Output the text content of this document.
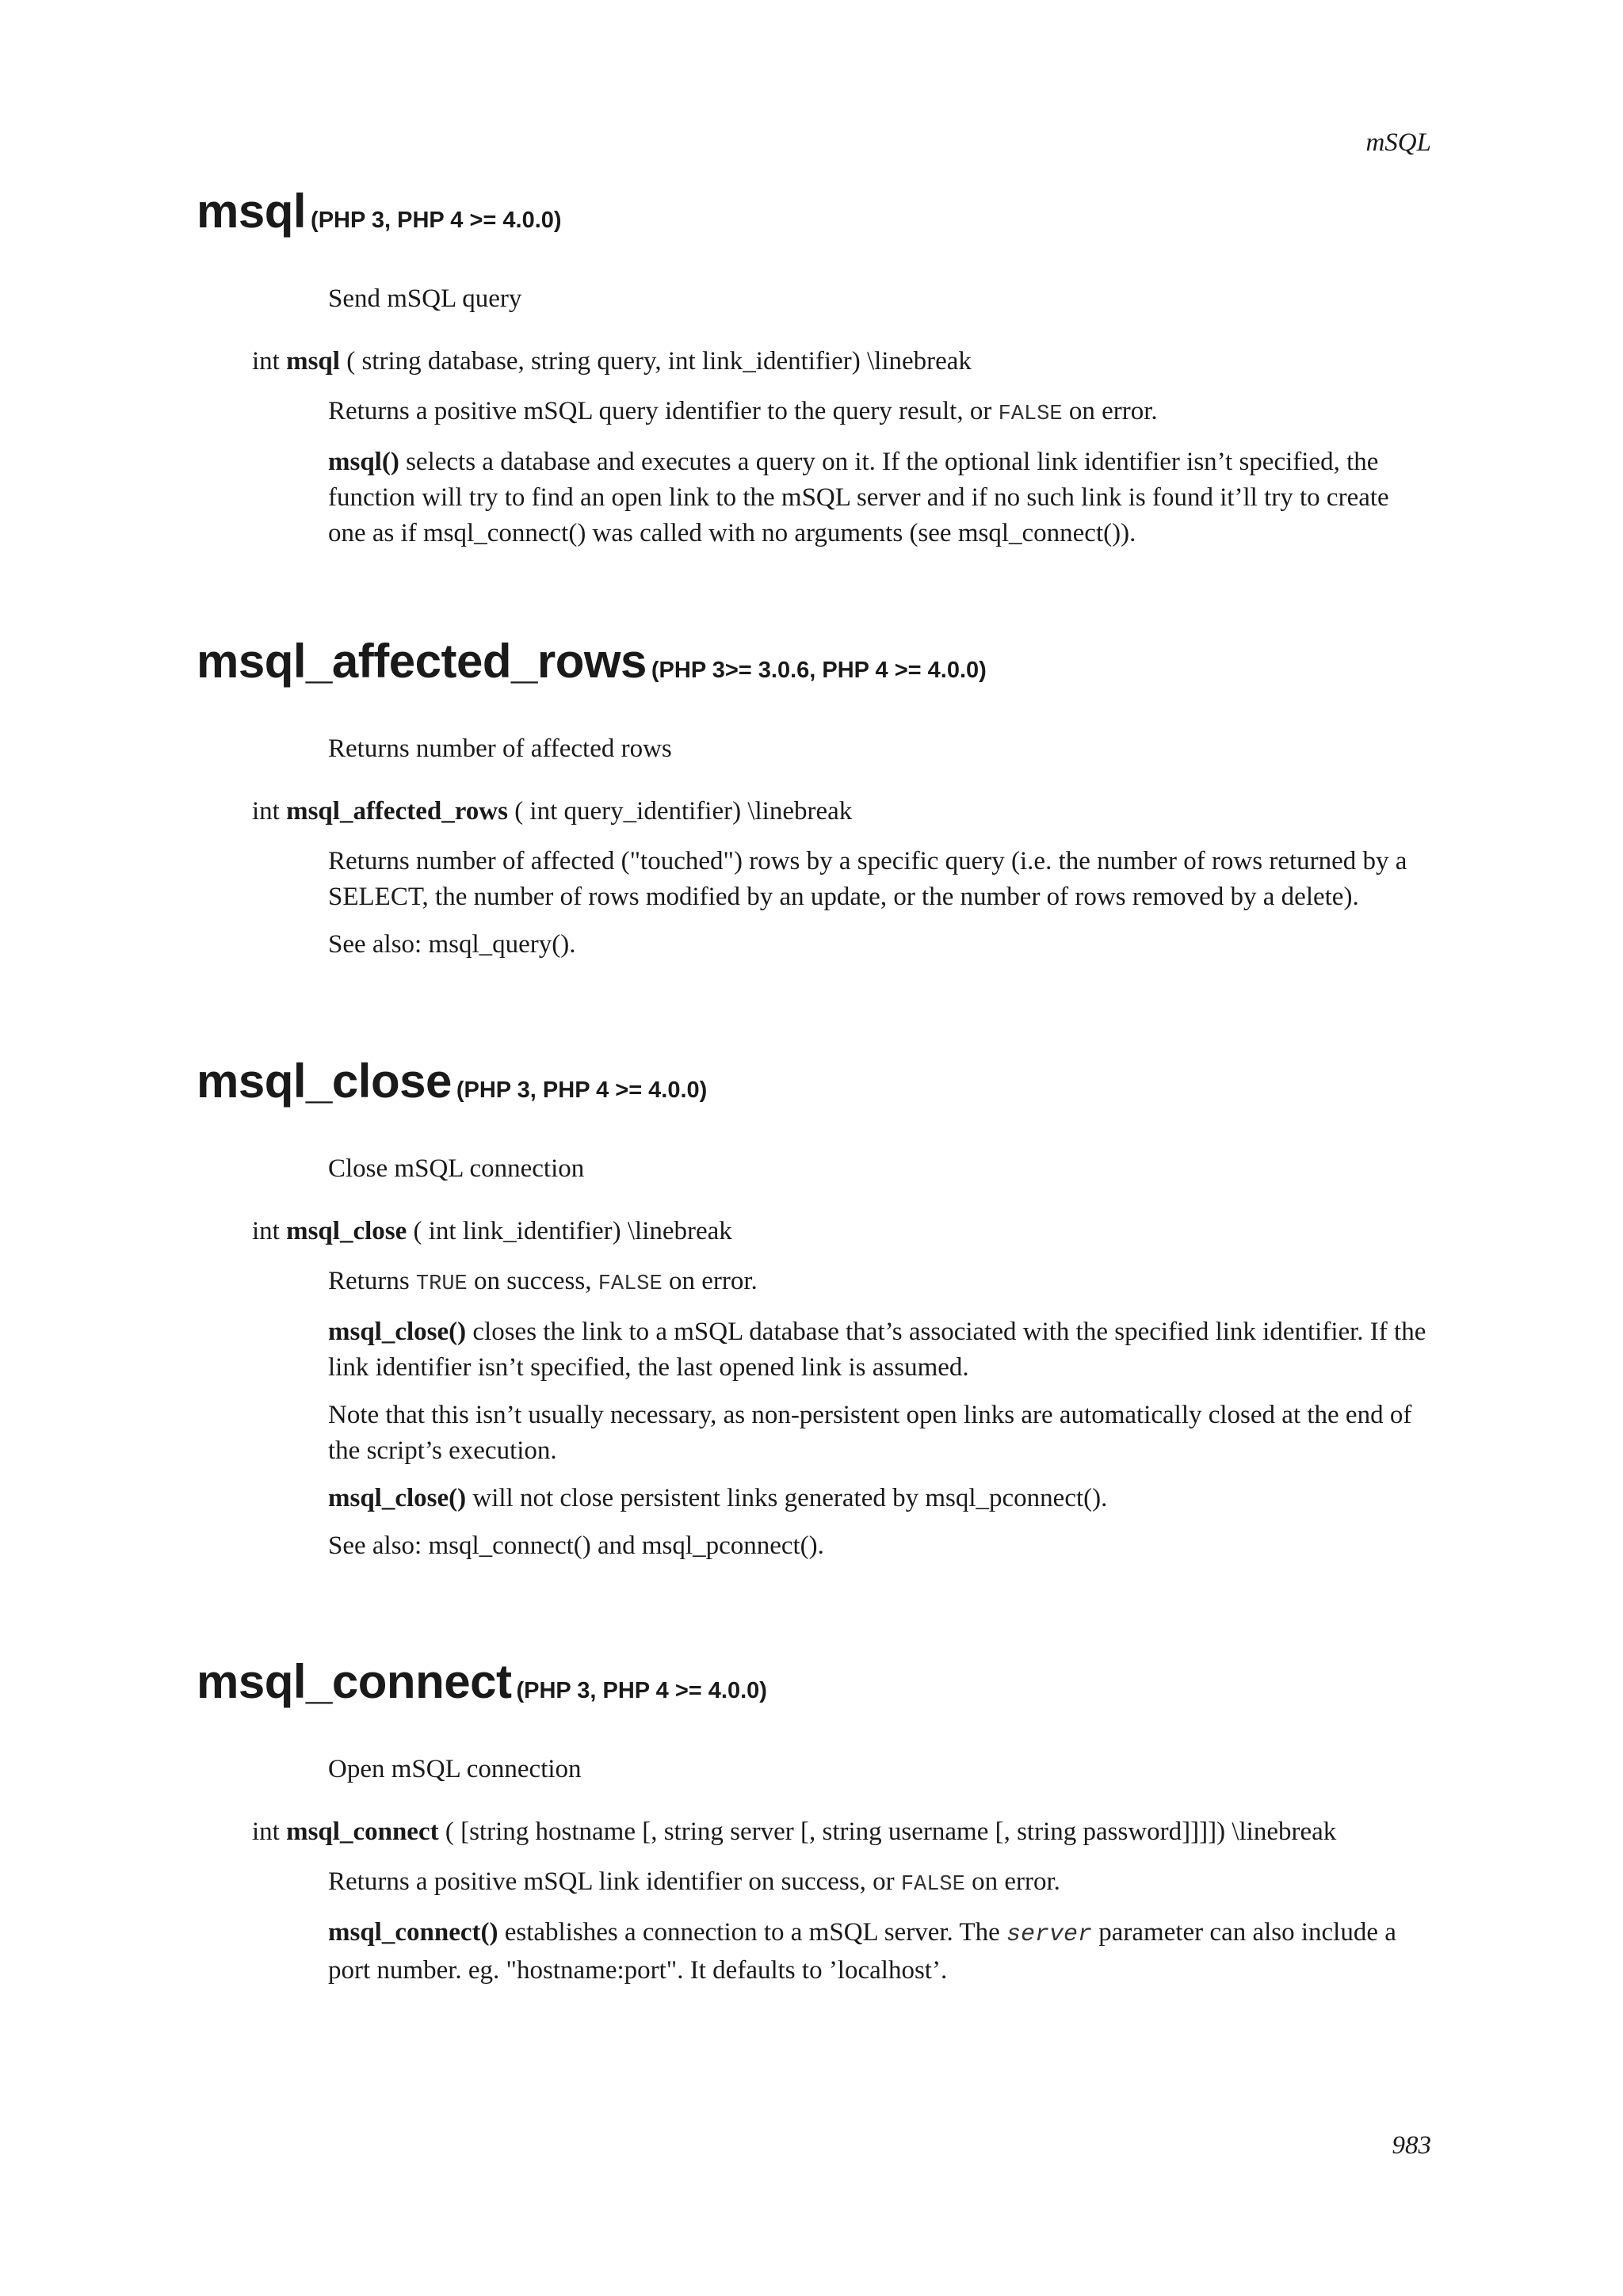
mSQL
msql (PHP 3, PHP 4 >= 4.0.0)
Send mSQL query
int msql ( string database, string query, int link_identifier) \linebreak

Returns a positive mSQL query identifier to the query result, or FALSE on error.

msql() selects a database and executes a query on it. If the optional link identifier isn’t specified, the function will try to find an open link to the mSQL server and if no such link is found it’ll try to create one as if msql_connect() was called with no arguments (see msql_connect()).

msql_affected_rows (PHP 3>= 3.0.6, PHP 4 >= 4.0.0)
Returns number of affected rows
int msql_affected_rows ( int query_identifier) \linebreak

Returns number of affected ("touched") rows by a specific query (i.e. the number of rows returned by a SELECT, the number of rows modified by an update, or the number of rows removed by a delete).

See also: msql_query().

msql_close (PHP 3, PHP 4 >= 4.0.0)
Close mSQL connection
int msql_close ( int link_identifier) \linebreak

Returns TRUE on success, FALSE on error.

msql_close() closes the link to a mSQL database that’s associated with the specified link identifier. If the link identifier isn’t specified, the last opened link is assumed.

Note that this isn’t usually necessary, as non-persistent open links are automatically closed at the end of the script’s execution.

msql_close() will not close persistent links generated by msql_pconnect().

See also: msql_connect() and msql_pconnect().

msql_connect (PHP 3, PHP 4 >= 4.0.0)
Open mSQL connection
int msql_connect ( [string hostname [, string server [, string username [, string password]]]]) \linebreak

Returns a positive mSQL link identifier on success, or FALSE on error.

msql_connect() establishes a connection to a mSQL server. The server parameter can also include a port number. eg. "hostname:port". It defaults to ’localhost’.

983
